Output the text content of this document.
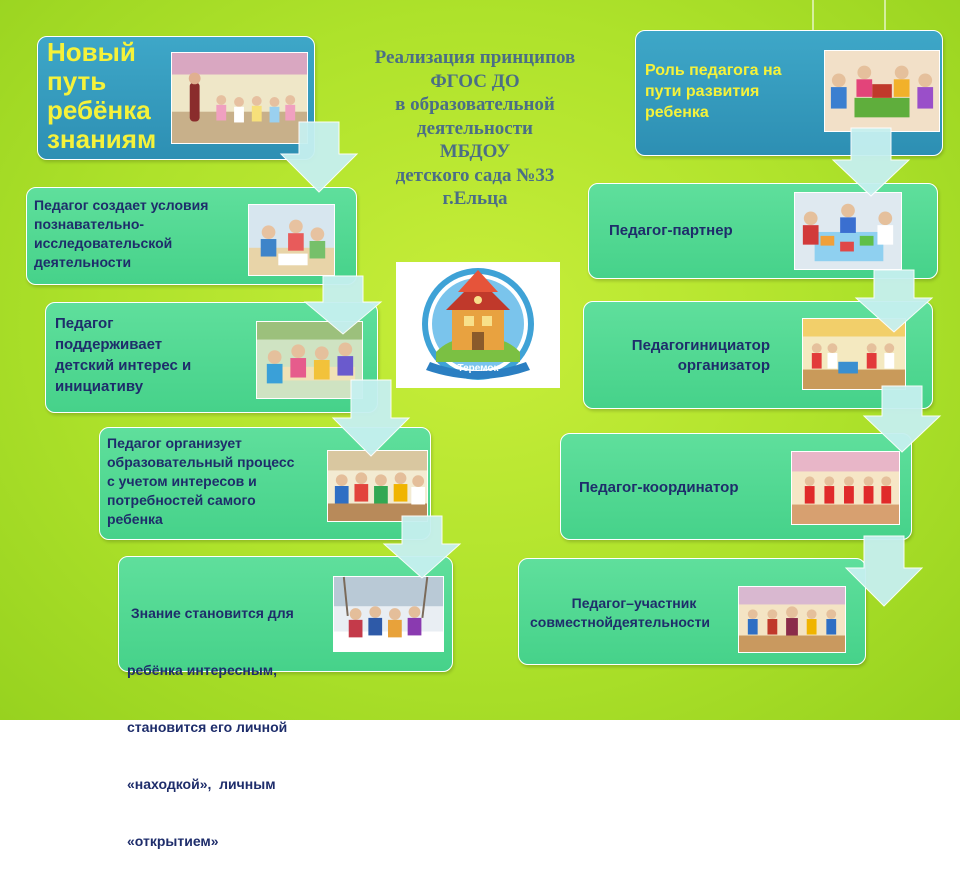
Новый
путь
ребёнка
знаниям
Педагог создает условия
познавательно-
исследовательской
деятельности
Педагог
поддерживает
детский интерес и
инициативу
Педагог организует
образовательный процесс
с учетом интересов и
потребностей самого
ребенка

Знание становится для

ребёнка интересным,

становится его личной

«находкой»,  личным

«открытием»

Реализация принципов
ФГОС ДО
в образовательной
деятельности
МБДОУ
детского сада №33
г.Ельца
Теремок
Роль педагога на
пути развития
ребенка
Педагог-партнер
Педагогинициатор
организатор
Педагог-координатор
Педагог–участник
совместнойдеятельности
